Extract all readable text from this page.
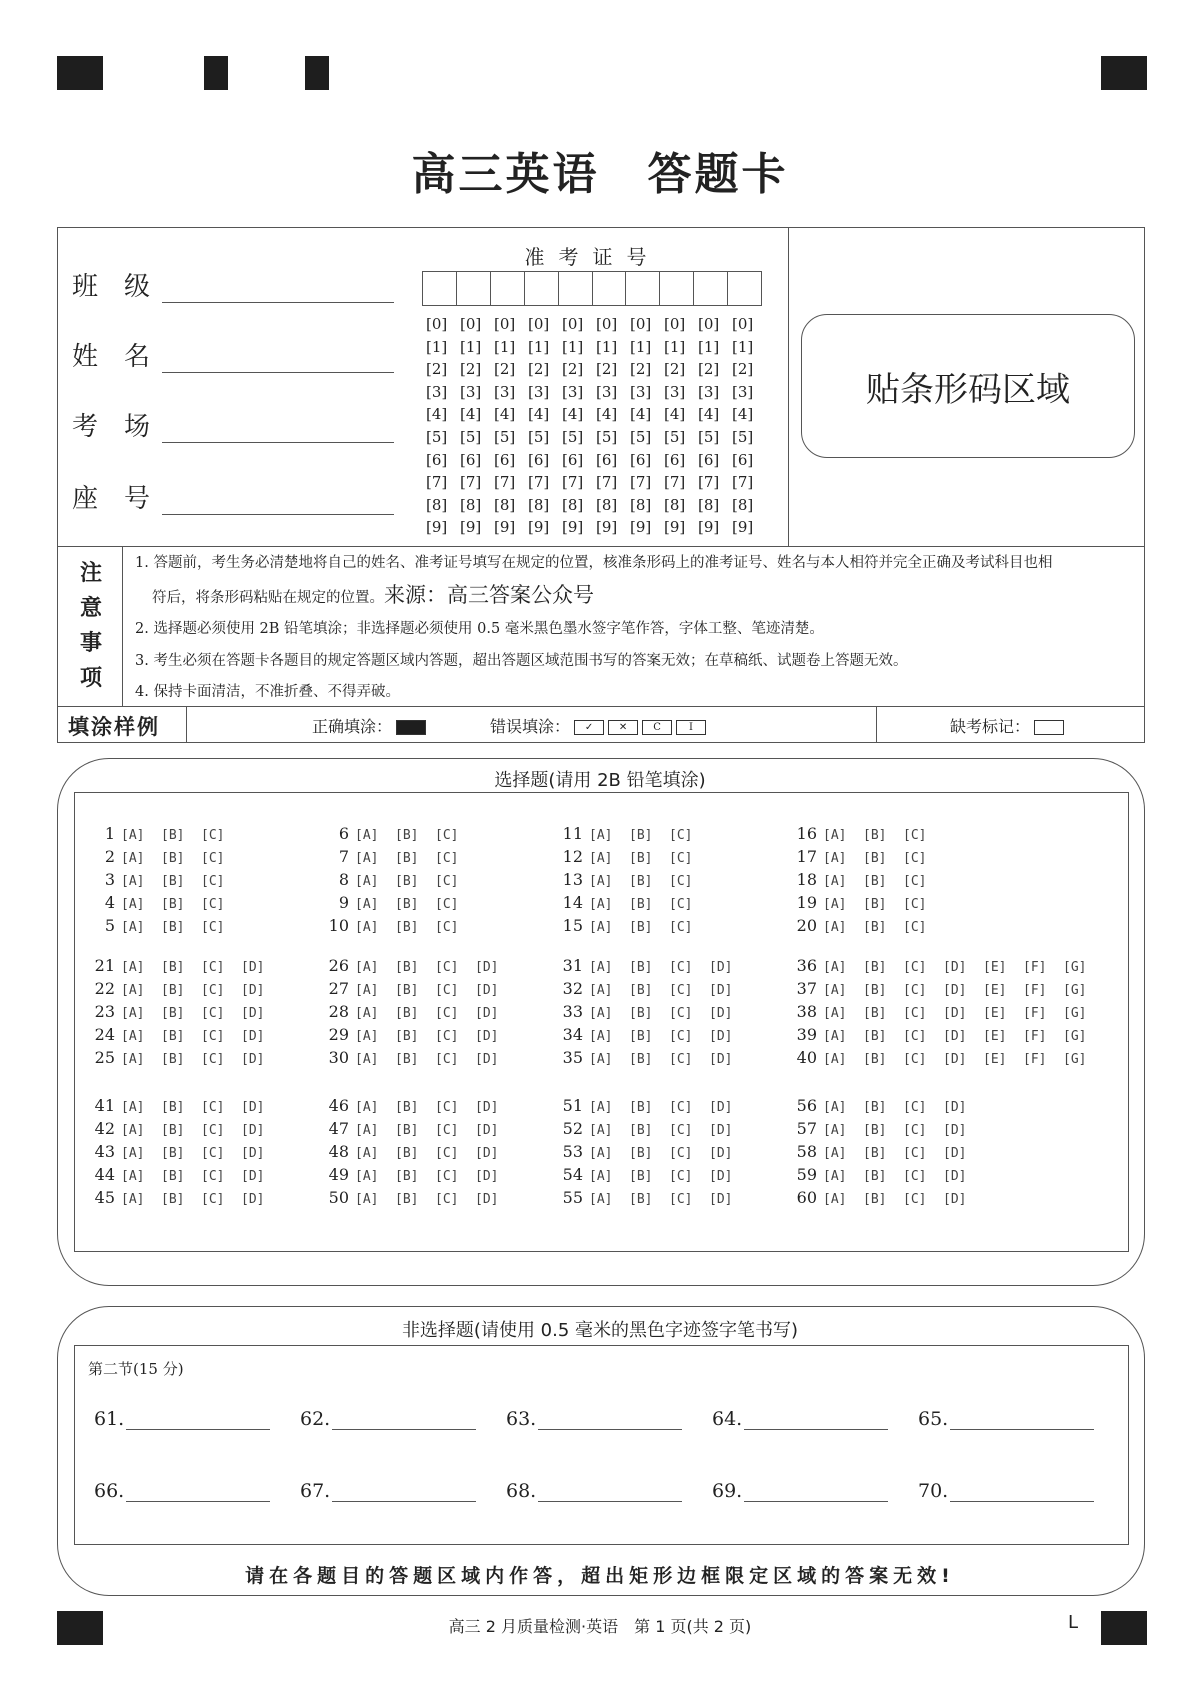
高三英语 答题卡
班　级
姓　名
考　场
座　号
准考证号
[0] [0] [0] [0] [0] [0] [0] [0] [0] [0]
[1] [1] [1] [1] [1] [1] [1] [1] [1] [1]
[2] [2] [2] [2] [2] [2] [2] [2] [2] [2]
[3] [3] [3] [3] [3] [3] [3] [3] [3] [3]
[4] [4] [4] [4] [4] [4] [4] [4] [4] [4]
[5] [5] [5] [5] [5] [5] [5] [5] [5] [5]
[6] [6] [6] [6] [6] [6] [6] [6] [6] [6]
[7] [7] [7] [7] [7] [7] [7] [7] [7] [7]
[8] [8] [8] [8] [8] [8] [8] [8] [8] [8]
[9] [9] [9] [9] [9] [9] [9] [9] [9] [9]
贴条形码区域
注
意
事
项
1. 答题前，考生务必清楚地将自己的姓名、准考证号填写在规定的位置，核准条形码上的准考证号、姓名与本人相符并完全正确及考试科目也相
符后，将条形码粘贴在规定的位置。来源：高三答案公众号
2. 选择题必须使用 2B 铅笔填涂；非选择题必须使用 0.5 毫米黑色墨水签字笔作答，字体工整、笔迹清楚。
3. 考生必须在答题卡各题目的规定答题区域内答题，超出答题区域范围书写的答案无效；在草稿纸、试题卷上答题无效。
4. 保持卡面清洁，不准折叠、不得弄破。
填涂样例	正确填涂：	错误填涂： ✓	✕	C	I	缺考标记：
选择题(请用 2B 铅笔填涂)
1 [A] [B] [C]
2 [A] [B] [C]
3 [A] [B] [C]
4 [A] [B] [C]
5 [A] [B] [C]
6 [A] [B] [C]
7 [A] [B] [C]
8 [A] [B] [C]
9 [A] [B] [C]
10 [A] [B] [C]
11 [A] [B] [C]
12 [A] [B] [C]
13 [A] [B] [C]
14 [A] [B] [C]
15 [A] [B] [C]
16 [A] [B] [C]
17 [A] [B] [C]
18 [A] [B] [C]
19 [A] [B] [C]
20 [A] [B] [C]
21 [A] [B] [C] [D]
22 [A] [B] [C] [D]
23 [A] [B] [C] [D]
24 [A] [B] [C] [D]
25 [A] [B] [C] [D]
26 [A] [B] [C] [D]
27 [A] [B] [C] [D]
28 [A] [B] [C] [D]
29 [A] [B] [C] [D]
30 [A] [B] [C] [D]
31 [A] [B] [C] [D]
32 [A] [B] [C] [D]
33 [A] [B] [C] [D]
34 [A] [B] [C] [D]
35 [A] [B] [C] [D]
36 [A] [B] [C] [D] [E] [F] [G]
37 [A] [B] [C] [D] [E] [F] [G]
38 [A] [B] [C] [D] [E] [F] [G]
39 [A] [B] [C] [D] [E] [F] [G]
40 [A] [B] [C] [D] [E] [F] [G]
41 [A] [B] [C] [D]
42 [A] [B] [C] [D]
43 [A] [B] [C] [D]
44 [A] [B] [C] [D]
45 [A] [B] [C] [D]
46 [A] [B] [C] [D]
47 [A] [B] [C] [D]
48 [A] [B] [C] [D]
49 [A] [B] [C] [D]
50 [A] [B] [C] [D]
51 [A] [B] [C] [D]
52 [A] [B] [C] [D]
53 [A] [B] [C] [D]
54 [A] [B] [C] [D]
55 [A] [B] [C] [D]
56 [A] [B] [C] [D]
57 [A] [B] [C] [D]
58 [A] [B] [C] [D]
59 [A] [B] [C] [D]
60 [A] [B] [C] [D]
非选择题(请使用 0.5 毫米的黑色字迹签字笔书写)
第二节(15 分)
61.	62.	63.	64.	65.
66.	67.	68.	69.	70.
请在各题目的答题区域内作答，超出矩形边框限定区域的答案无效!
高三 2 月质量检测·英语　第 1 页(共 2 页)	L
